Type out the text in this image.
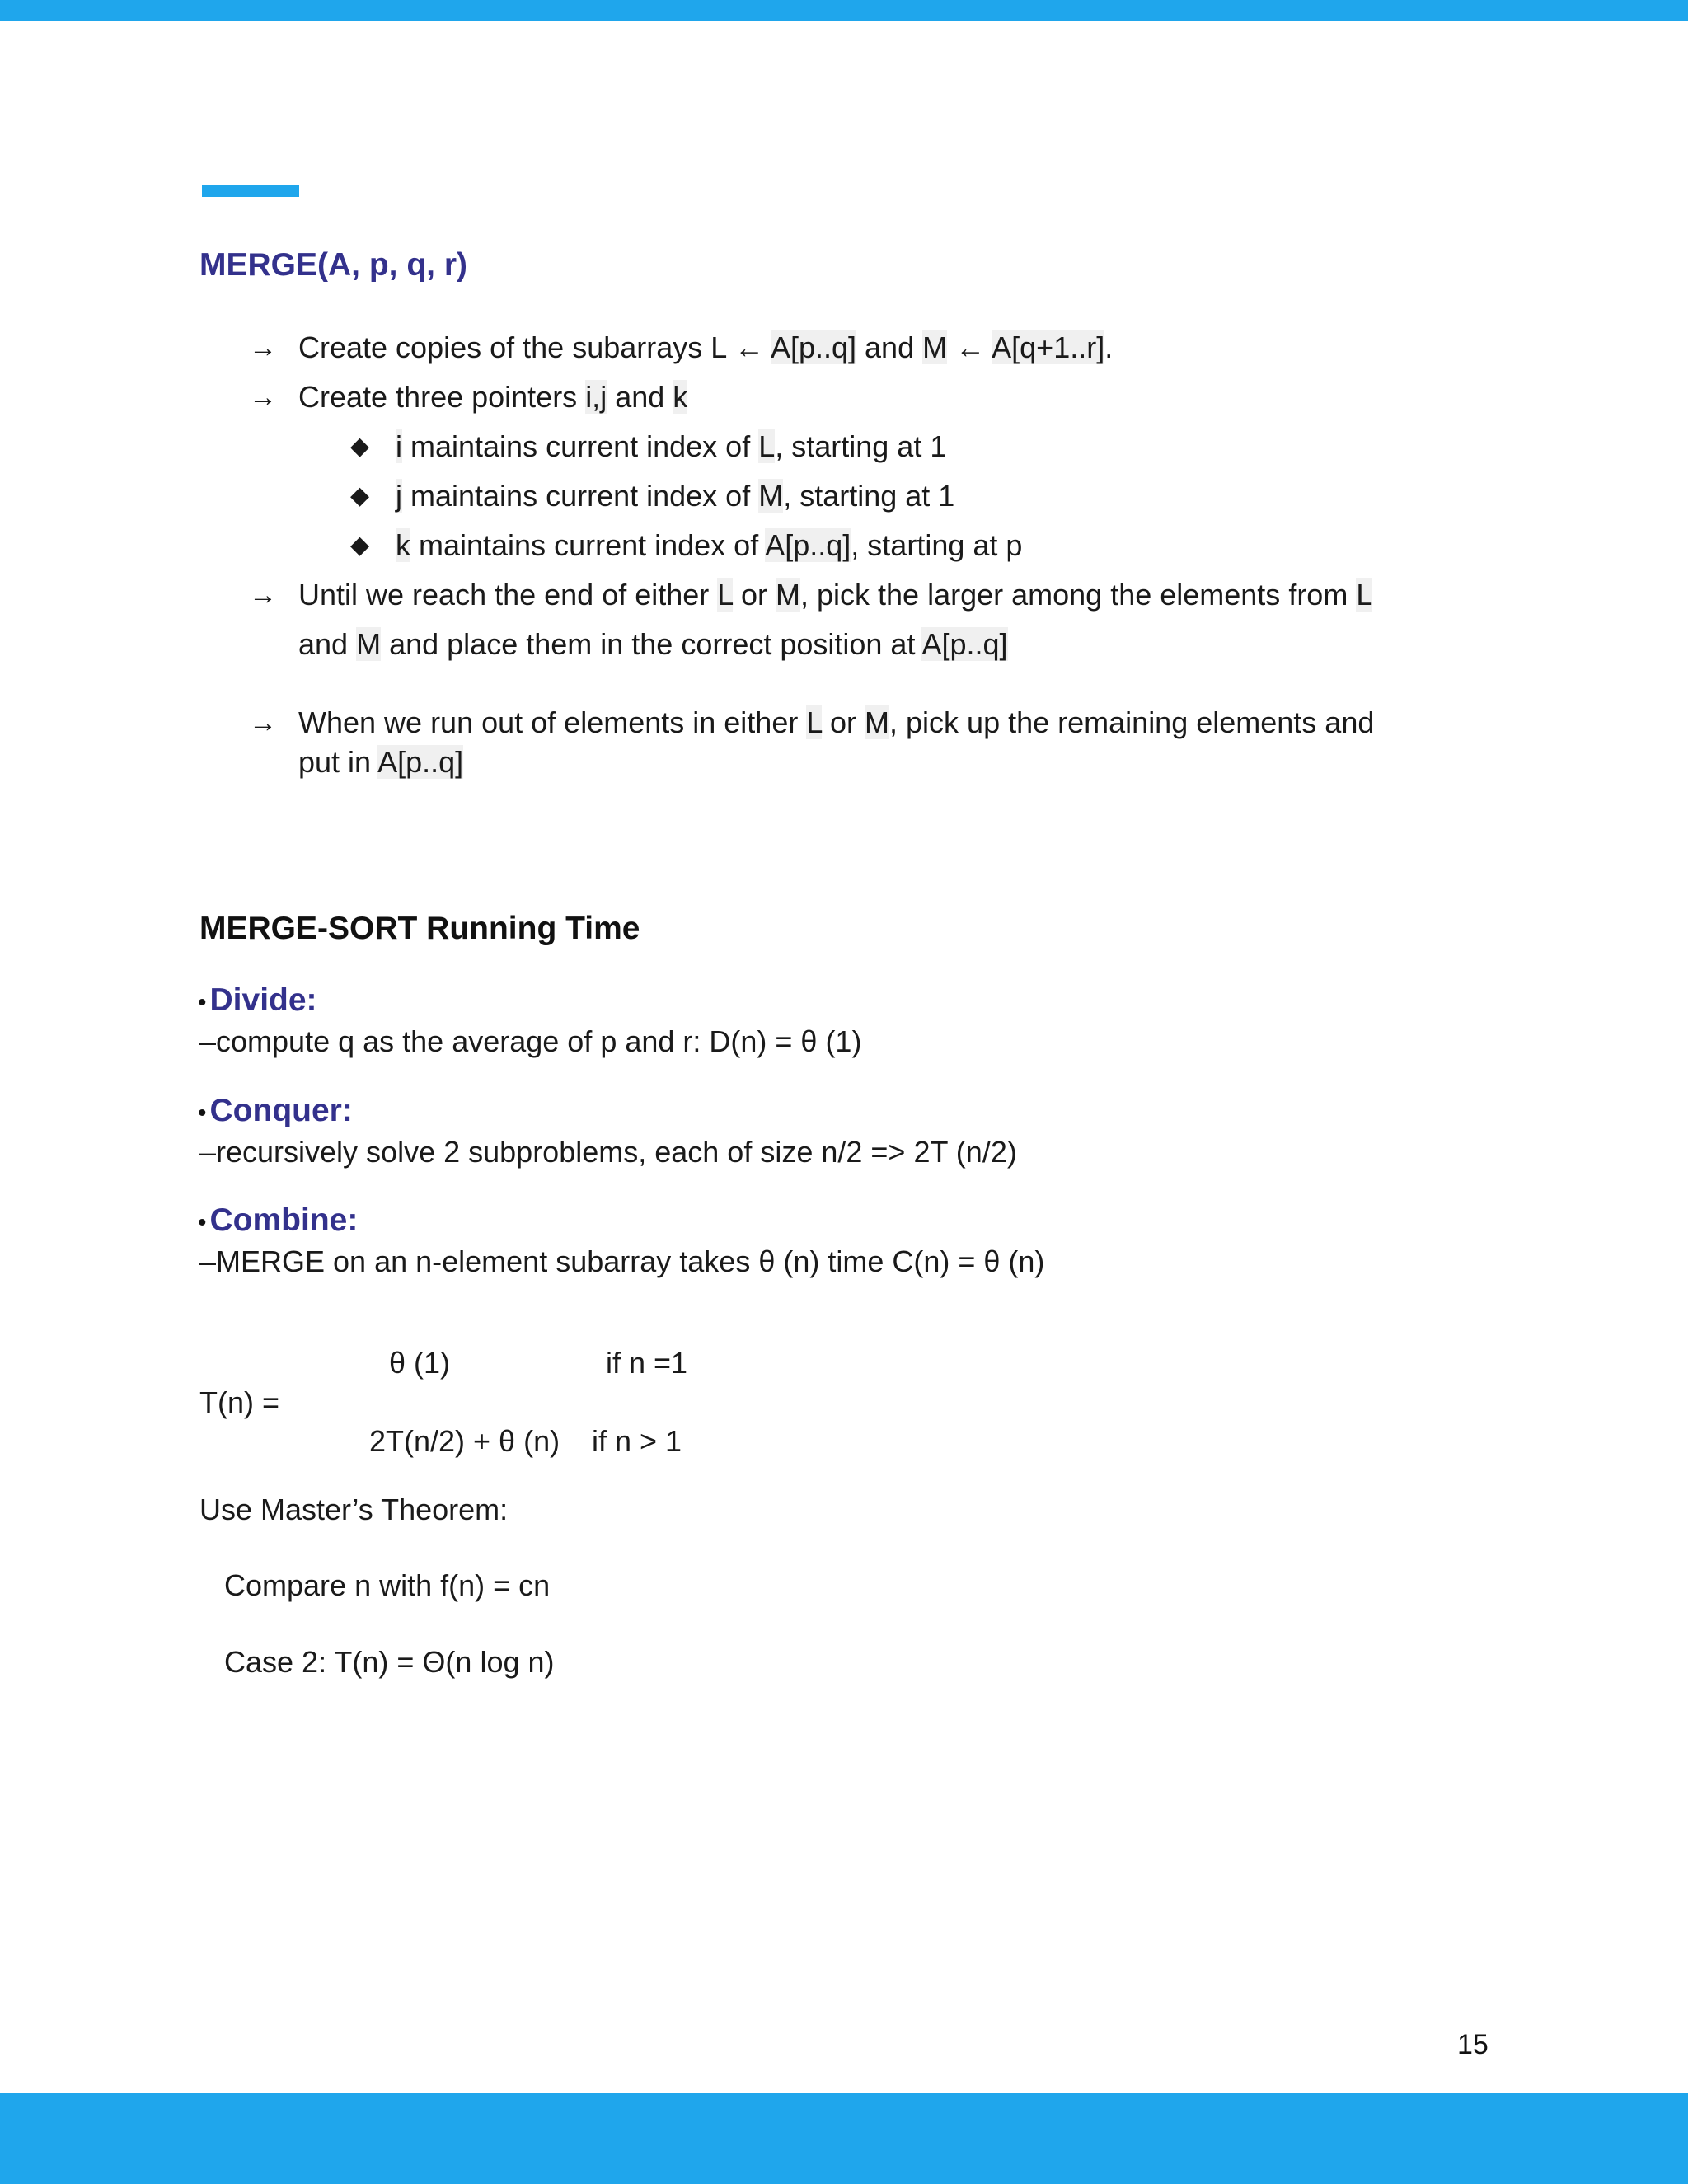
MERGE(A, p, q, r)
→ Create copies of the subarrays L ← A[p..q] and M ← A[q+1..r].
→ Create three pointers i,j and k
◆ i maintains current index of L, starting at 1
◆ j maintains current index of M, starting at 1
◆ k maintains current index of A[p..q], starting at p
→ Until we reach the end of either L or M, pick the larger among the elements from L
and M and place them in the correct position at A[p..q]
→ When we run out of elements in either L or M, pick up the remaining elements and
put in A[p..q]
MERGE-SORT Running Time
• Divide:
–compute q as the average of p and r: D(n) = θ (1)
• Conquer:
–recursively solve 2 subproblems, each of size n/2 => 2T (n/2)
• Combine:
–MERGE on an n-element subarray takes θ (n) time C(n) = θ (n)
θ (1)	if n =1
T(n) =
2T(n/2) + θ (n) if n > 1
Use Master’s Theorem:
Compare n with f(n) = cn
Case 2: T(n) = Θ(n log n)
15
